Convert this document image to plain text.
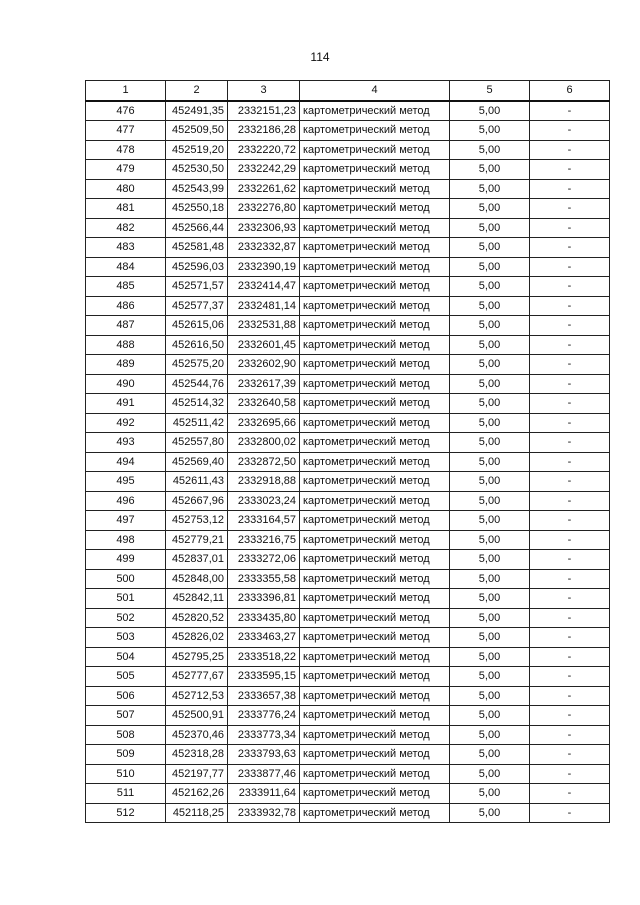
114
1	2	3	4	5	6
476	452491,35	2332151,23	картометрический метод	5,00	-
477	452509,50	2332186,28	картометрический метод	5,00	-
478	452519,20	2332220,72	картометрический метод	5,00	-
479	452530,50	2332242,29	картометрический метод	5,00	-
480	452543,99	2332261,62	картометрический метод	5,00	-
481	452550,18	2332276,80	картометрический метод	5,00	-
482	452566,44	2332306,93	картометрический метод	5,00	-
483	452581,48	2332332,87	картометрический метод	5,00	-
484	452596,03	2332390,19	картометрический метод	5,00	-
485	452571,57	2332414,47	картометрический метод	5,00	-
486	452577,37	2332481,14	картометрический метод	5,00	-
487	452615,06	2332531,88	картометрический метод	5,00	-
488	452616,50	2332601,45	картометрический метод	5,00	-
489	452575,20	2332602,90	картометрический метод	5,00	-
490	452544,76	2332617,39	картометрический метод	5,00	-
491	452514,32	2332640,58	картометрический метод	5,00	-
492	452511,42	2332695,66	картометрический метод	5,00	-
493	452557,80	2332800,02	картометрический метод	5,00	-
494	452569,40	2332872,50	картометрический метод	5,00	-
495	452611,43	2332918,88	картометрический метод	5,00	-
496	452667,96	2333023,24	картометрический метод	5,00	-
497	452753,12	2333164,57	картометрический метод	5,00	-
498	452779,21	2333216,75	картометрический метод	5,00	-
499	452837,01	2333272,06	картометрический метод	5,00	-
500	452848,00	2333355,58	картометрический метод	5,00	-
501	452842,11	2333396,81	картометрический метод	5,00	-
502	452820,52	2333435,80	картометрический метод	5,00	-
503	452826,02	2333463,27	картометрический метод	5,00	-
504	452795,25	2333518,22	картометрический метод	5,00	-
505	452777,67	2333595,15	картометрический метод	5,00	-
506	452712,53	2333657,38	картометрический метод	5,00	-
507	452500,91	2333776,24	картометрический метод	5,00	-
508	452370,46	2333773,34	картометрический метод	5,00	-
509	452318,28	2333793,63	картометрический метод	5,00	-
510	452197,77	2333877,46	картометрический метод	5,00	-
511	452162,26	2333911,64	картометрический метод	5,00	-
512	452118,25	2333932,78	картометрический метод	5,00	-
